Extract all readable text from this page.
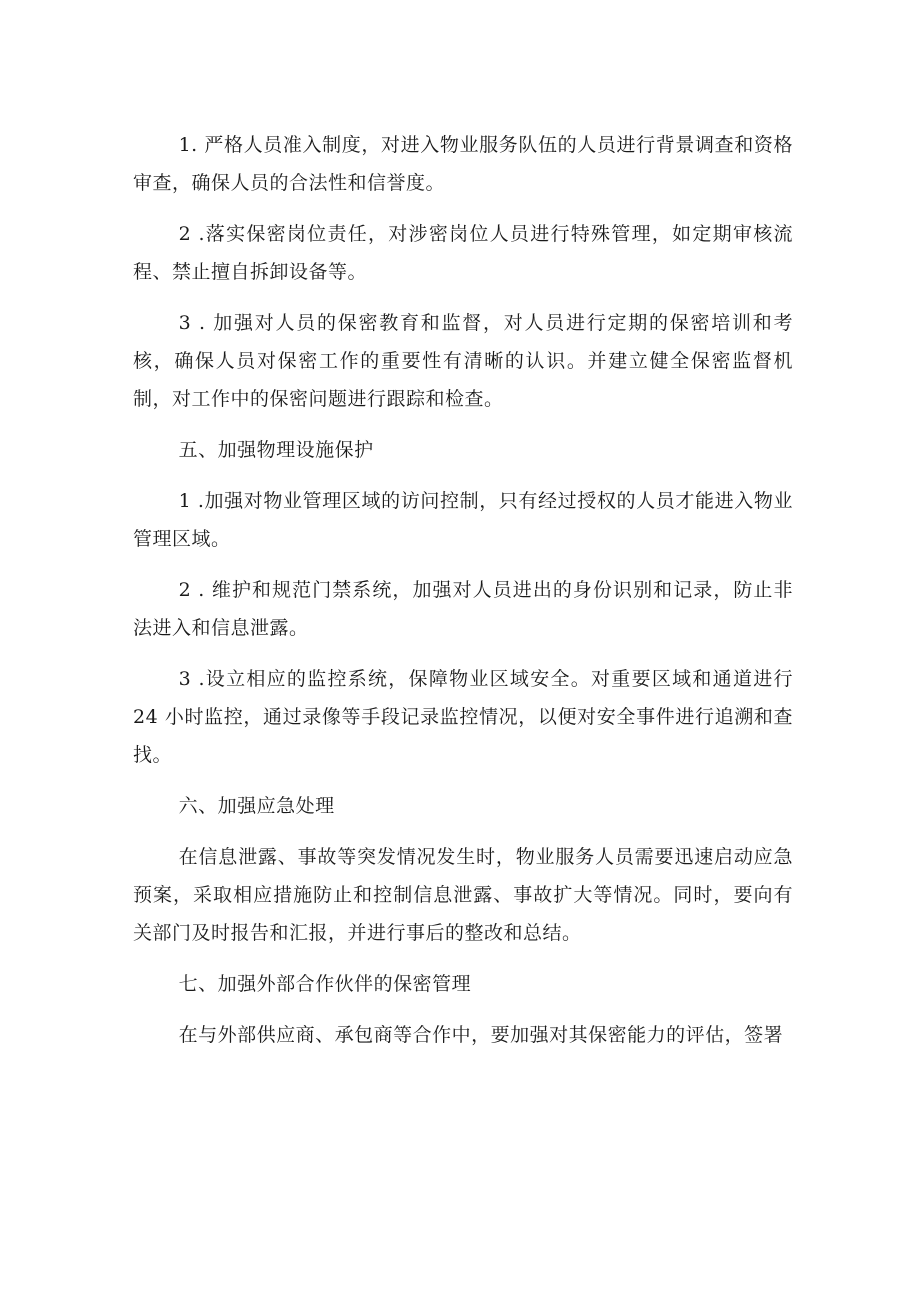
1. 严格人员准入制度，对进入物业服务队伍的人员进行背景调查和资格审查，确保人员的合法性和信誉度。

2 .落实保密岗位责任，对涉密岗位人员进行特殊管理，如定期审核流程、禁止擅自拆卸设备等。

3 . 加强对人员的保密教育和监督，对人员进行定期的保密培训和考核，确保人员对保密工作的重要性有清晰的认识。并建立健全保密监督机制，对工作中的保密问题进行跟踪和检查。

五、加强物理设施保护

1 .加强对物业管理区域的访问控制，只有经过授权的人员才能进入物业管理区域。

2 . 维护和规范门禁系统，加强对人员进出的身份识别和记录，防止非法进入和信息泄露。

3 .设立相应的监控系统，保障物业区域安全。对重要区域和通道进行24 小时监控，通过录像等手段记录监控情况，以便对安全事件进行追溯和查找。

六、加强应急处理

在信息泄露、事故等突发情况发生时，物业服务人员需要迅速启动应急预案，采取相应措施防止和控制信息泄露、事故扩大等情况。同时，要向有关部门及时报告和汇报，并进行事后的整改和总结。

七、加强外部合作伙伴的保密管理

在与外部供应商、承包商等合作中，要加强对其保密能力的评估，签署
